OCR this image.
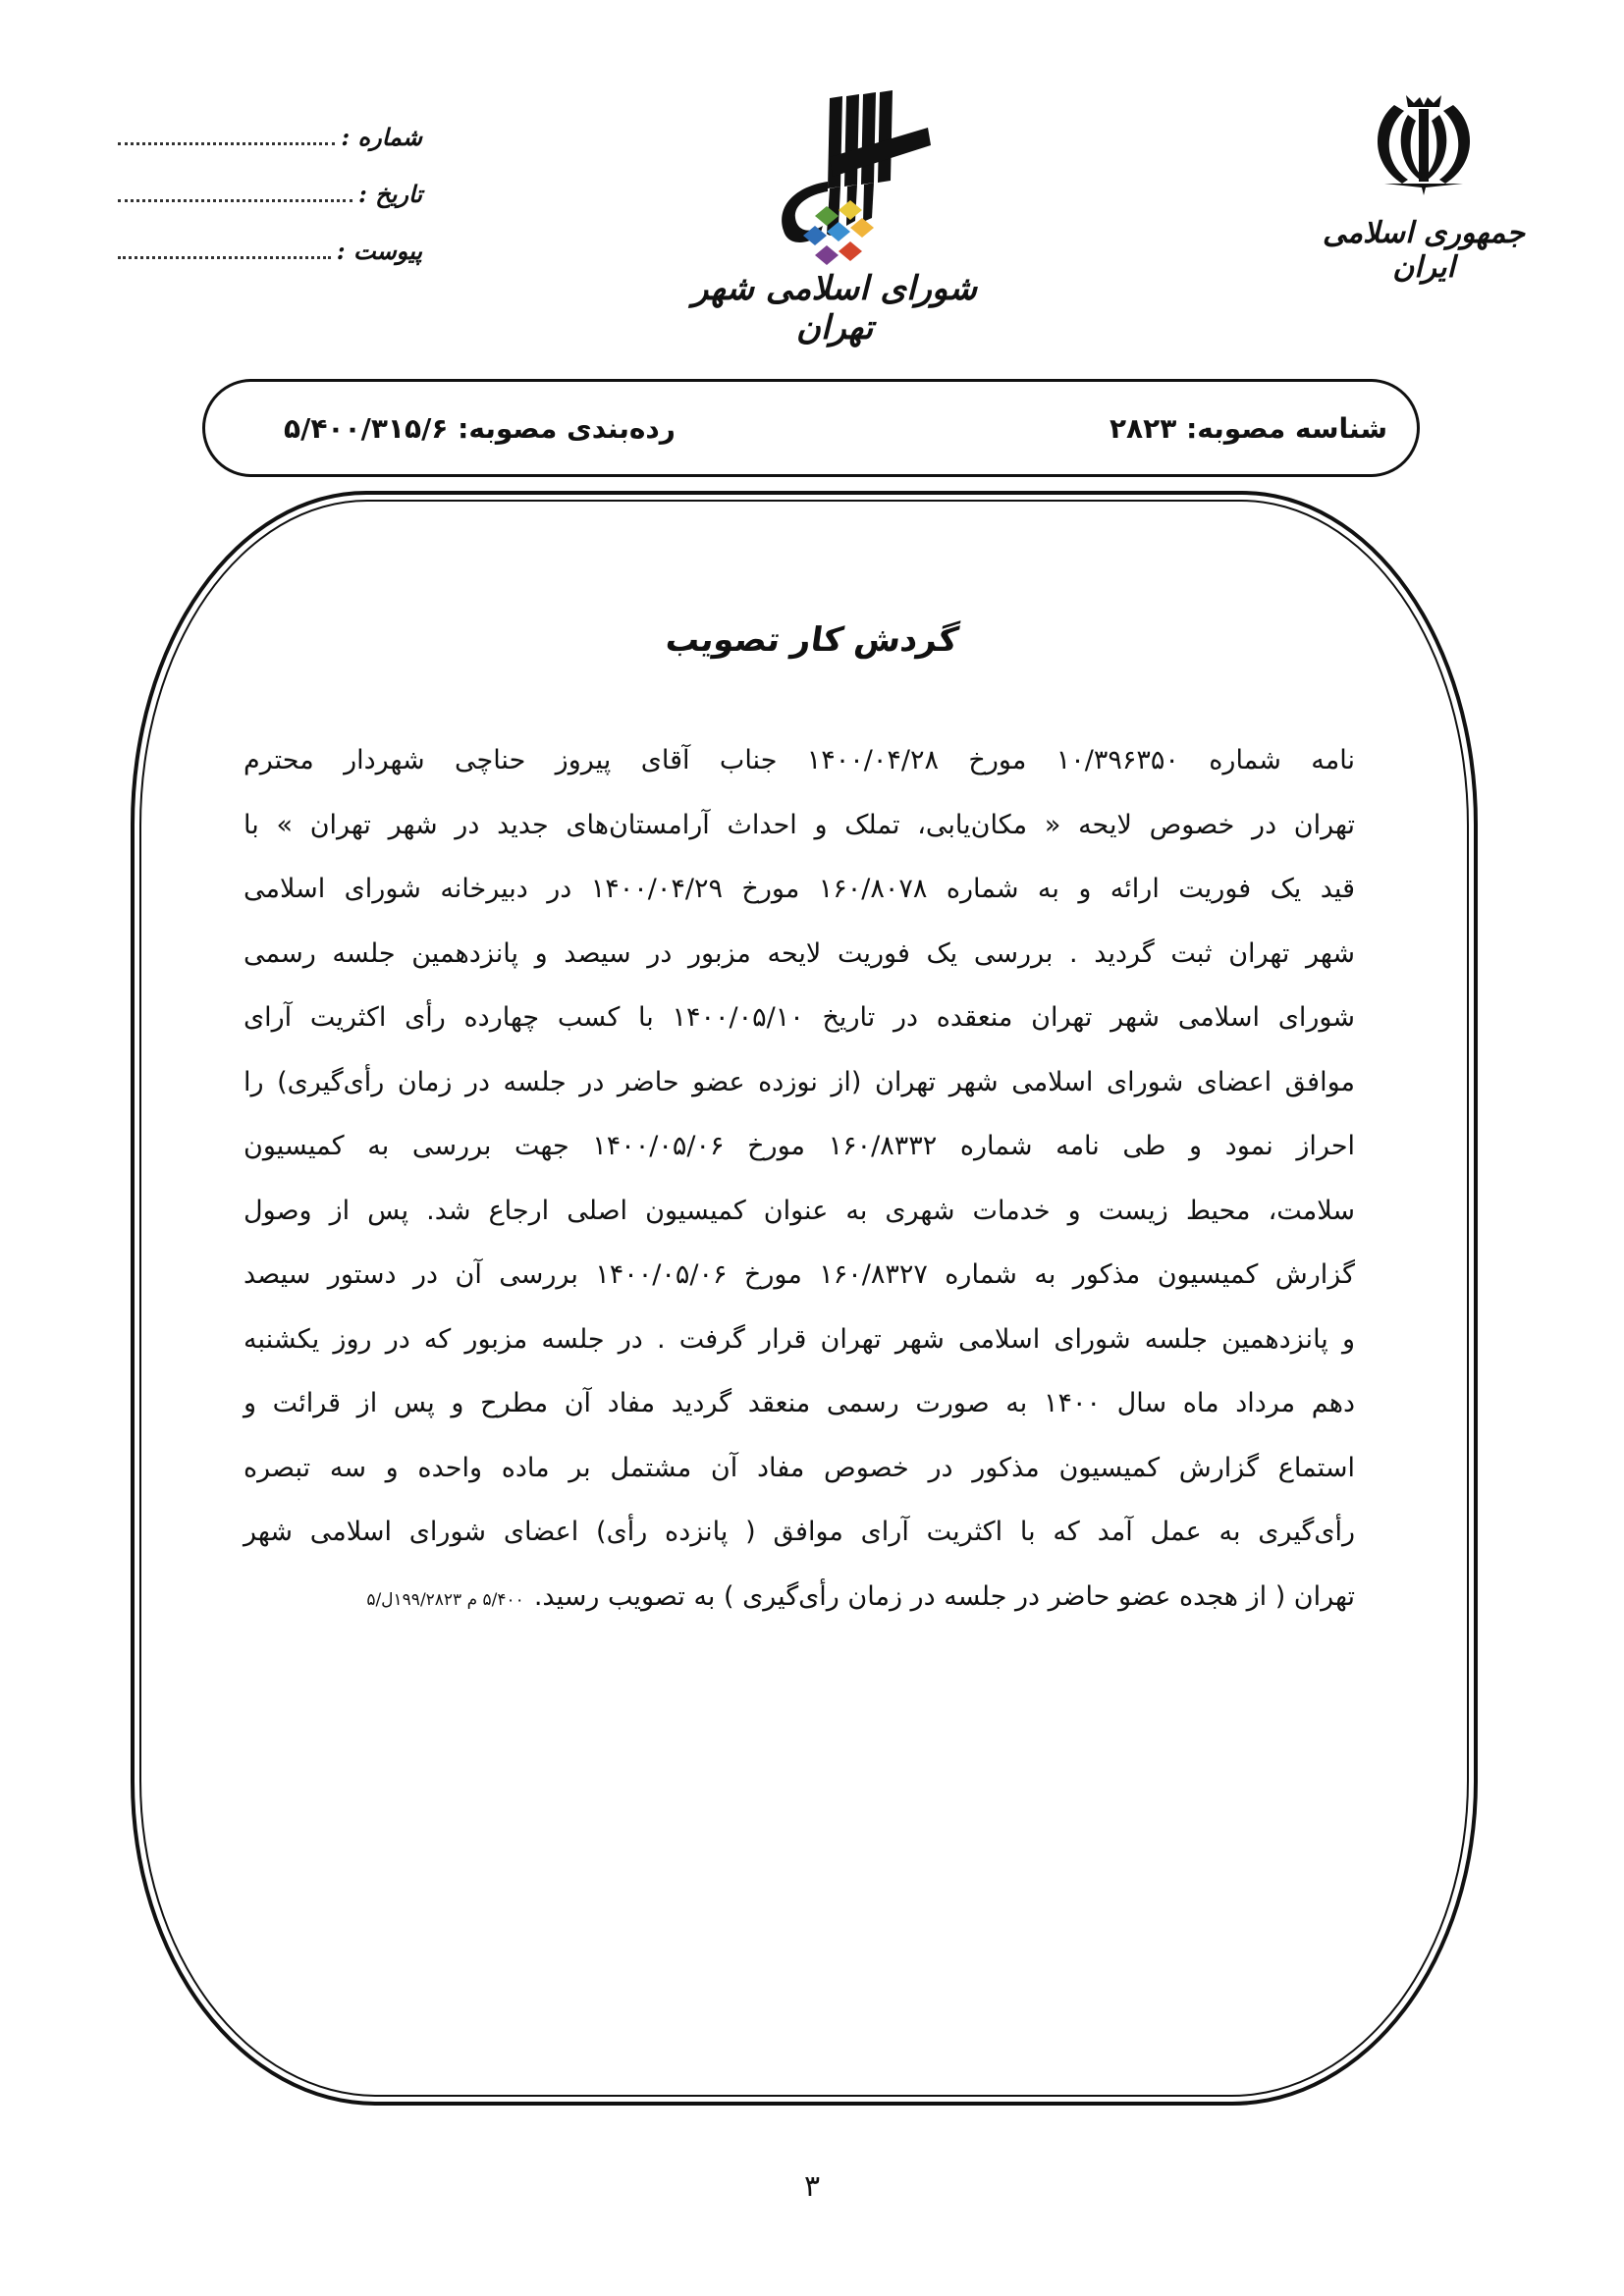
شماره :
تاریخ :
پیوست :
شورای اسلامی شهر تهران
جمهوری اسلامی ایران
شناسه مصوبه: ۲۸۲۳
رده‌بندی مصوبه: ۵/۴۰۰/۳۱۵/۶
گردش کار تصویب
نامه شماره ۱۰/۳۹۶۳۵۰ مورخ ۱۴۰۰/۰۴/۲۸ جناب آقای پیروز حناچی شهردار محترم
تهران در خصوص لایحه « مکان‌یابی، تملک و احداث آرامستان‌های جدید در شهر تهران » با
قید یک فوریت ارائه و به شماره ۱۶۰/۸۰۷۸ مورخ ۱۴۰۰/۰۴/۲۹ در دبیرخانه شورای اسلامی
شهر تهران ثبت گردید . بررسی یک فوریت لایحه مزبور در سیصد و پانزدهمین جلسه رسمی
شورای اسلامی شهر تهران منعقده در تاریخ ۱۴۰۰/۰۵/۱۰ با کسب چهارده رأی اکثریت آرای
موافق اعضای شورای اسلامی شهر تهران (از نوزده عضو حاضر در جلسه در زمان رأی‌گیری) را
احراز نمود و طی نامه شماره ۱۶۰/۸۳۳۲ مورخ ۱۴۰۰/۰۵/۰۶ جهت بررسی به کمیسیون
سلامت، محیط زیست و خدمات شهری به عنوان کمیسیون اصلی ارجاع شد. پس از وصول
گزارش کمیسیون مذکور به شماره ۱۶۰/۸۳۲۷ مورخ ۱۴۰۰/۰۵/۰۶ بررسی آن در دستور سیصد
و پانزدهمین جلسه شورای اسلامی شهر تهران قرار گرفت . در جلسه مزبور که در روز یکشنبه
دهم مرداد ماه سال ۱۴۰۰ به صورت رسمی منعقد گردید مفاد آن مطرح و پس از قرائت و
استماع گزارش کمیسیون مذکور در خصوص مفاد آن مشتمل بر ماده واحده و سه تبصره
رأی‌گیری به عمل آمد که با اکثریت آرای موافق ( پانزده رأی) اعضای شورای اسلامی شهر
تهران ( از هجده عضو حاضر در جلسه در زمان رأی‌گیری ) به تصویب رسید.۵/۴۰۰ م ۱۹۹/۲۸۲۳ل/۵
۳
